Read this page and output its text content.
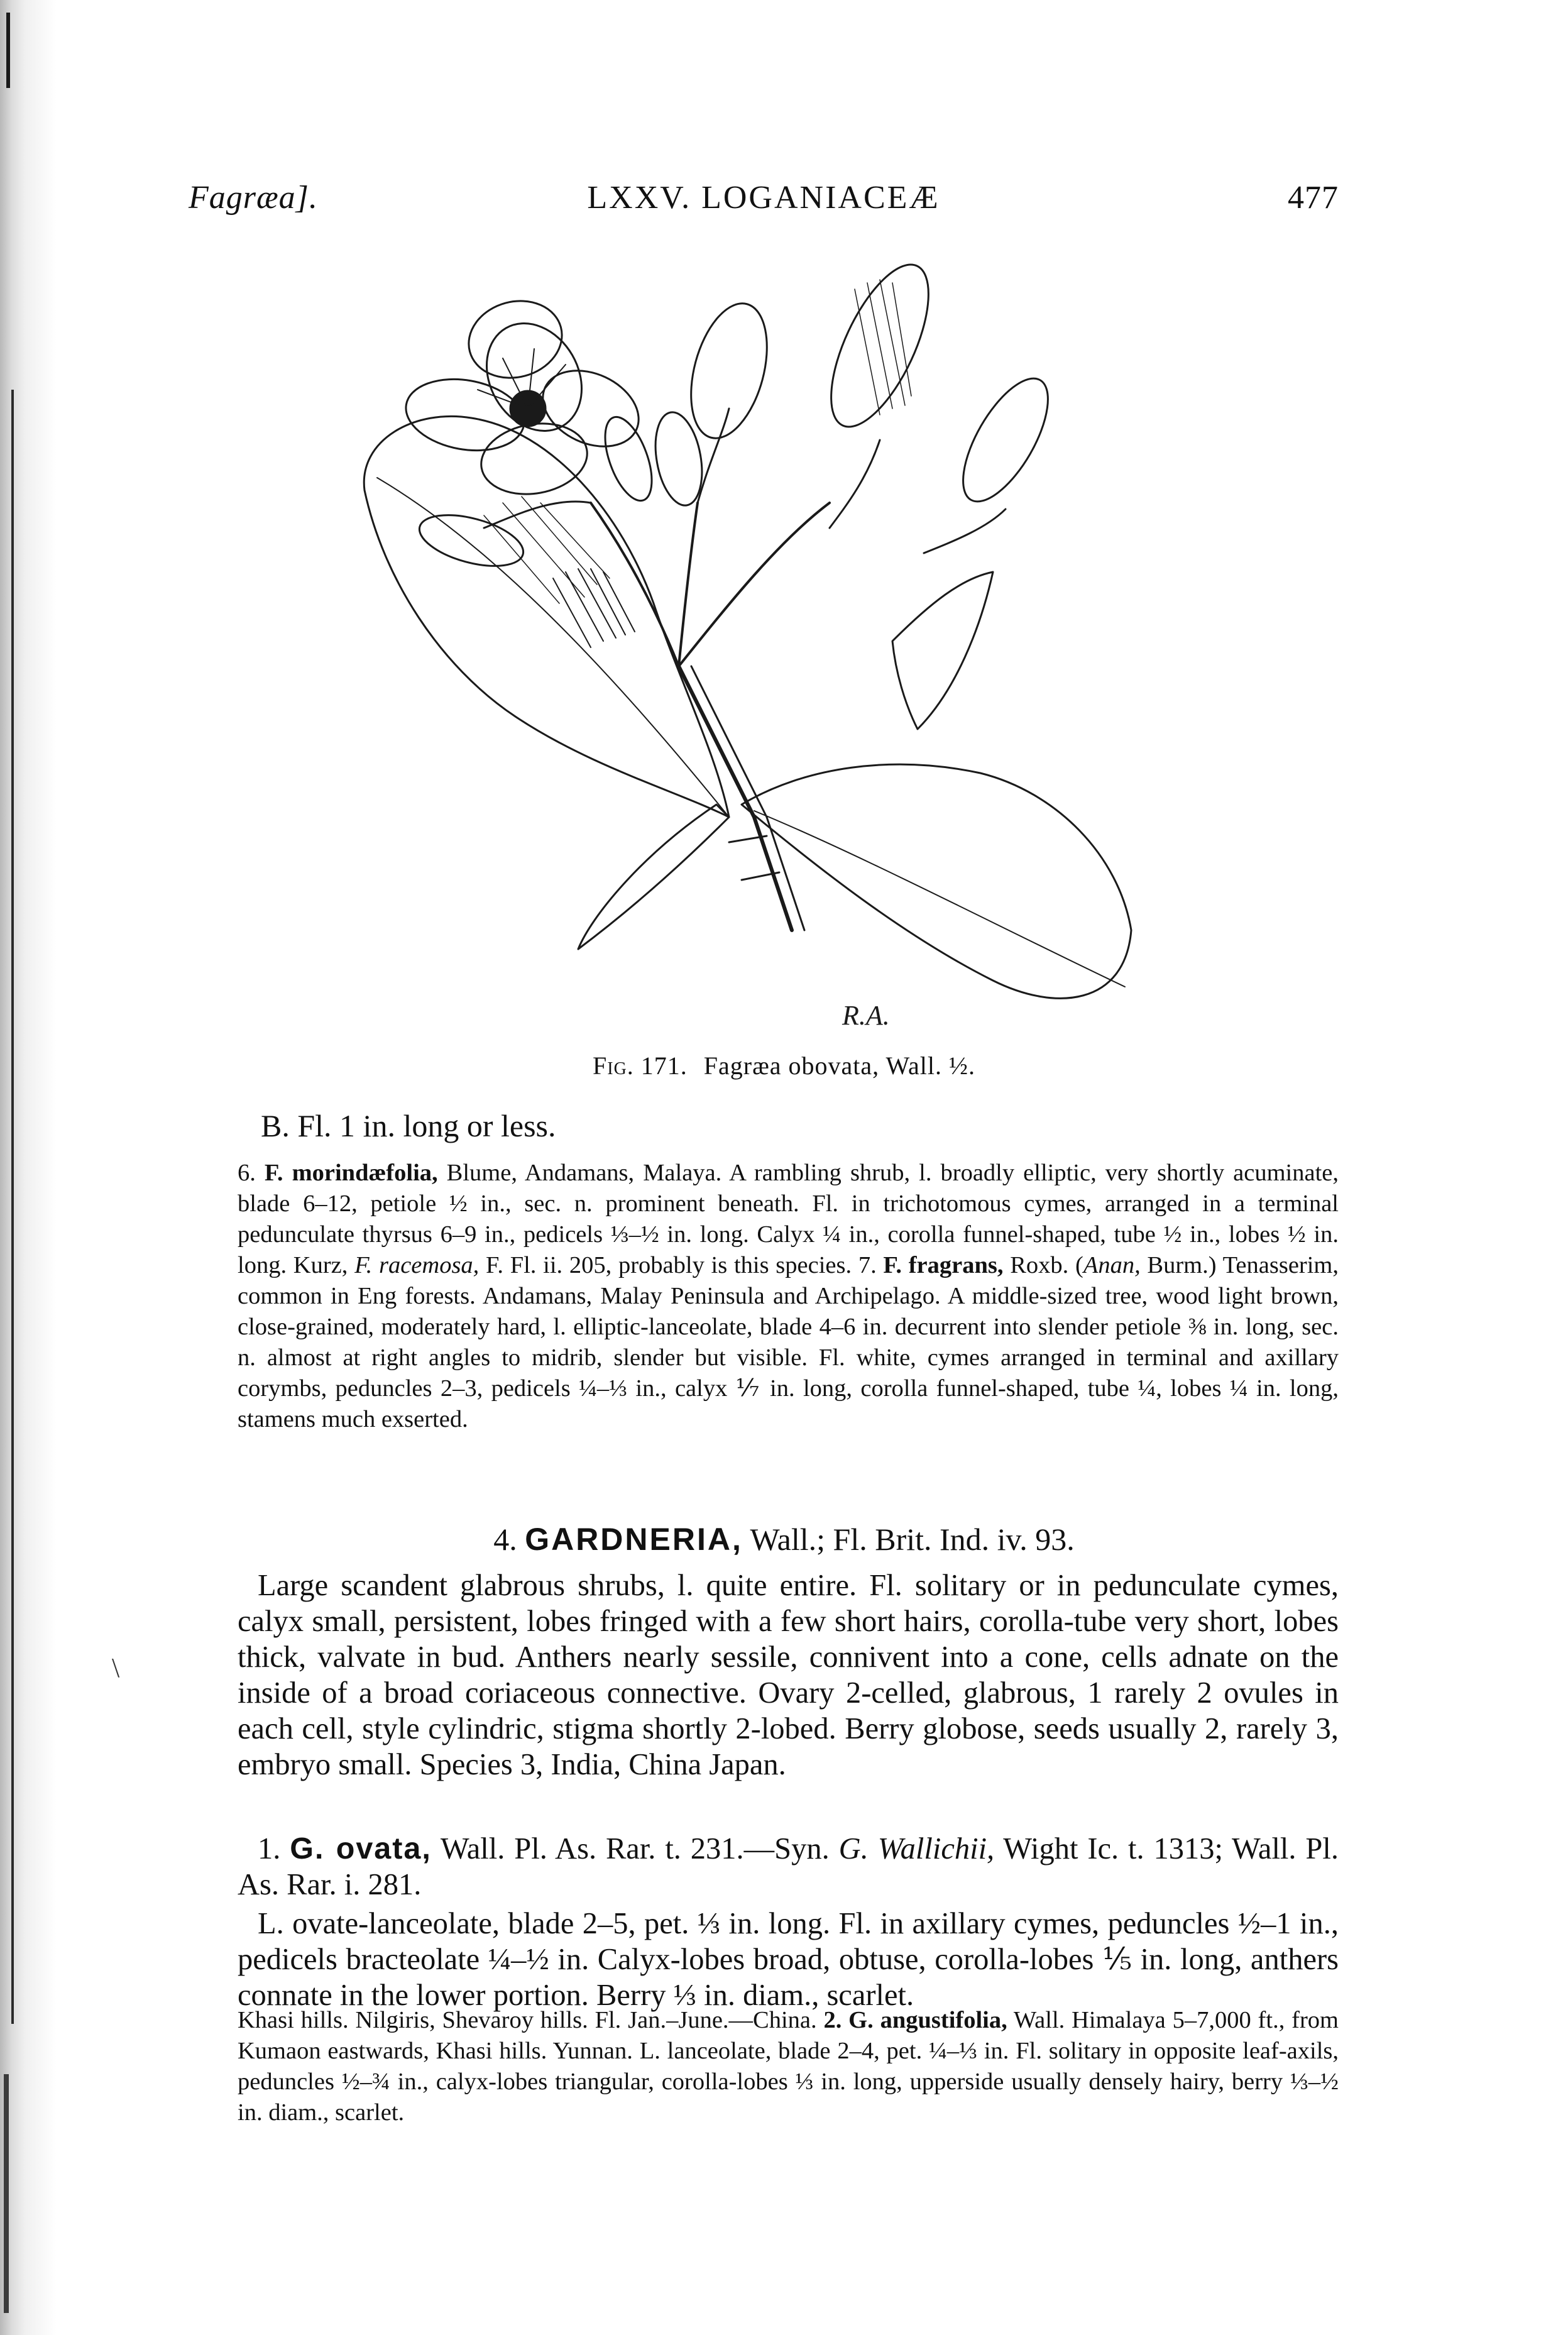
Fagræa].	LXXV. LOGANIACEÆ	477
R.A.
Fig. 171. Fagræa obovata, Wall. ½.
B. Fl. 1 in. long or less.
6. F. morindæfolia, Blume, Andamans, Malaya. A rambling shrub, l. broadly elliptic, very shortly acuminate, blade 6–12, petiole ½ in., sec. n. prominent beneath. Fl. in trichotomous cymes, arranged in a terminal pedunculate thyrsus 6–9 in., pedicels ⅓–½ in. long. Calyx ¼ in., corolla funnel-shaped, tube ½ in., lobes ½ in. long. Kurz, F. racemosa, F. Fl. ii. 205, probably is this species. 7. F. fragrans, Roxb. (Anan, Burm.) Tenasserim, common in Eng forests. Andamans, Malay Peninsula and Archipelago. A middle-sized tree, wood light brown, close-grained, moderately hard, l. elliptic-lanceolate, blade 4–6 in. decurrent into slender petiole ⅜ in. long, sec. n. almost at right angles to midrib, slender but visible. Fl. white, cymes arranged in terminal and axillary corymbs, peduncles 2–3, pedicels ¼–⅓ in., calyx ⅐ in. long, corolla funnel-shaped, tube ¼, lobes ¼ in. long, stamens much exserted.
4. GARDNERIA, Wall.; Fl. Brit. Ind. iv. 93.
\
Large scandent glabrous shrubs, l. quite entire. Fl. solitary or in pedunculate cymes, calyx small, persistent, lobes fringed with a few short hairs, corolla-tube very short, lobes thick, valvate in bud. Anthers nearly sessile, connivent into a cone, cells adnate on the inside of a broad coriaceous connective. Ovary 2-celled, glabrous, 1 rarely 2 ovules in each cell, style cylindric, stigma shortly 2-lobed. Berry globose, seeds usually 2, rarely 3, embryo small. Species 3, India, China Japan.
1. G. ovata, Wall. Pl. As. Rar. t. 231.—Syn. G. Wallichii, Wight Ic. t. 1313; Wall. Pl. As. Rar. i. 281.
L. ovate-lanceolate, blade 2–5, pet. ⅓ in. long. Fl. in axillary cymes, peduncles ½–1 in., pedicels bracteolate ¼–½ in. Calyx-lobes broad, obtuse, corolla-lobes ⅕ in. long, anthers connate in the lower portion. Berry ⅓ in. diam., scarlet.
Khasi hills. Nilgiris, Shevaroy hills. Fl. Jan.–June.—China. 2. G. angustifolia, Wall. Himalaya 5–7,000 ft., from Kumaon eastwards, Khasi hills. Yunnan. L. lanceolate, blade 2–4, pet. ¼–⅓ in. Fl. solitary in opposite leaf-axils, peduncles ½–¾ in., calyx-lobes triangular, corolla-lobes ⅓ in. long, upperside usually densely hairy, berry ⅓–½ in. diam., scarlet.
